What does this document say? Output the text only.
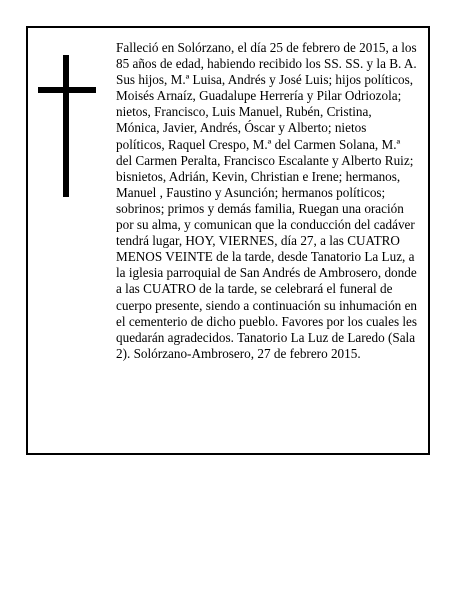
Falleció en Solórzano, el día 25 de febrero de 2015, a los 85 años de edad, habiendo recibido los SS. SS. y la B. A.

Sus hijos, M.ª Luisa, Andrés y José Luis; hijos políticos, Moisés Arnaíz, Guadalupe Herrería y Pilar Odriozola; nietos, Francisco, Luis Manuel, Rubén, Cristina, Mónica, Javier, Andrés, Óscar y Alberto; nietos políticos, Raquel Crespo, M.ª del Carmen Solana, M.ª del Carmen Peralta, Francisco Escalante y Alberto Ruiz; bisnietos, Adrián, Kevin, Christian e Irene; hermanos, Manuel , Faustino y Asunción; hermanos políticos; sobrinos; primos y demás familia, Ruegan una oración por su alma, y comunican que la conducción del cadáver tendrá lugar, HOY, VIERNES, día 27, a las CUATRO MENOS VEINTE de la tarde, desde Tanatorio La Luz, a la iglesia parroquial de San Andrés de Ambrosero, donde a las CUATRO de la tarde, se celebrará el funeral de cuerpo presente, siendo a continuación su inhumación en el cementerio de dicho pueblo. Favores por los cuales les quedarán agradecidos. Tanatorio La Luz de Laredo (Sala 2). Solórzano-Ambrosero, 27 de febrero 2015.
